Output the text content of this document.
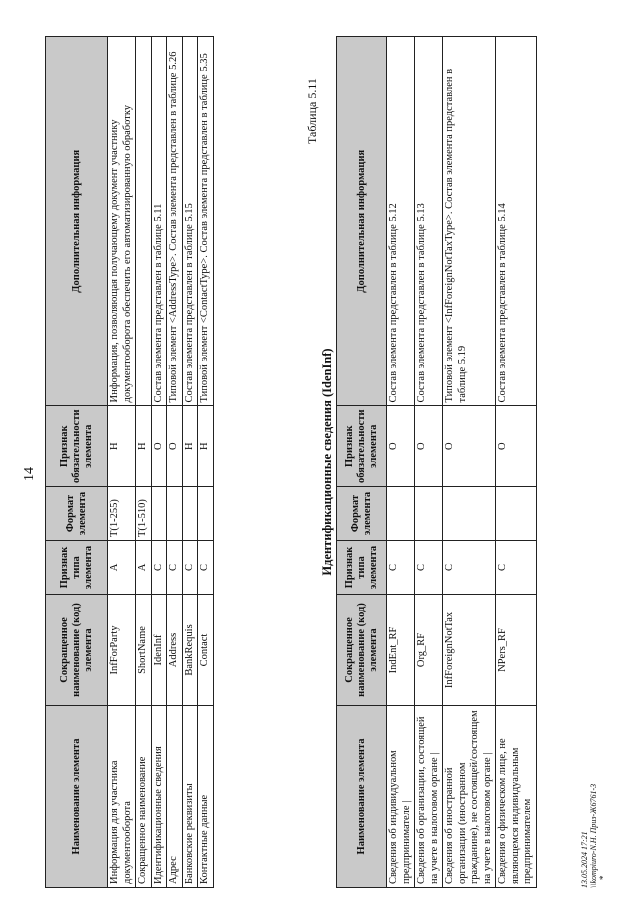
14
Наименование элемента	Сокращенное наименование (код) элемента	Признак типа элемента	Формат элемента	Признак обязательности элемента	Дополнительная информация
Информация для участника документооборота	InfForParty	А	T(1-255)	Н	Информация, позволяющая получающему документ участнику документооборота обеспечить его автоматизированную обработку
Сокращенное наименование	ShortName	А	T(1-510)	Н	
Идентификационные сведения	IdenInf	С		О	Состав элемента представлен в таблице 5.11
Адрес	Address	С		О	Типовой элемент <AddressType>. Состав элемента представлен в таблице 5.26
Банковские реквизиты	BankRequis	С		Н	Состав элемента представлен в таблице 5.15
Контактные данные	Contact	С		Н	Типовой элемент <ContactType>. Состав элемента представлен в таблице 5.35	Таблица 5.11
Идентификационные сведения (IdenInf)
Наименование элемента	Сокращенное наименование (код) элемента	Признак типа элемента	Формат элемента	Признак обязательности элемента	Дополнительная информация
Сведения об индивидуальном предпринимателе |	IndEnt_RF	С		О	Состав элемента представлен в таблице 5.12
Сведения об организации, состоящей на учете в налоговом органе |	Org_RF	С		О	Состав элемента представлен в таблице 5.13
Сведения об иностранной организации (иностранном гражданине), не состоящей/состоящем на учете в налоговом органе |	InfForeignNotTax	С		О	Типовой элемент <InfForeignNotTaxType>. Состав элемента представлен в таблице 5.19
Сведения о физическом лице, не являющемся индивидуальным предпринимателем	NPers_RF	С		О	Состав элемента представлен в таблице 5.14
13.05.2024 17:21 \\kompiuro-N.Н. Приз-Ж6761-3 *
